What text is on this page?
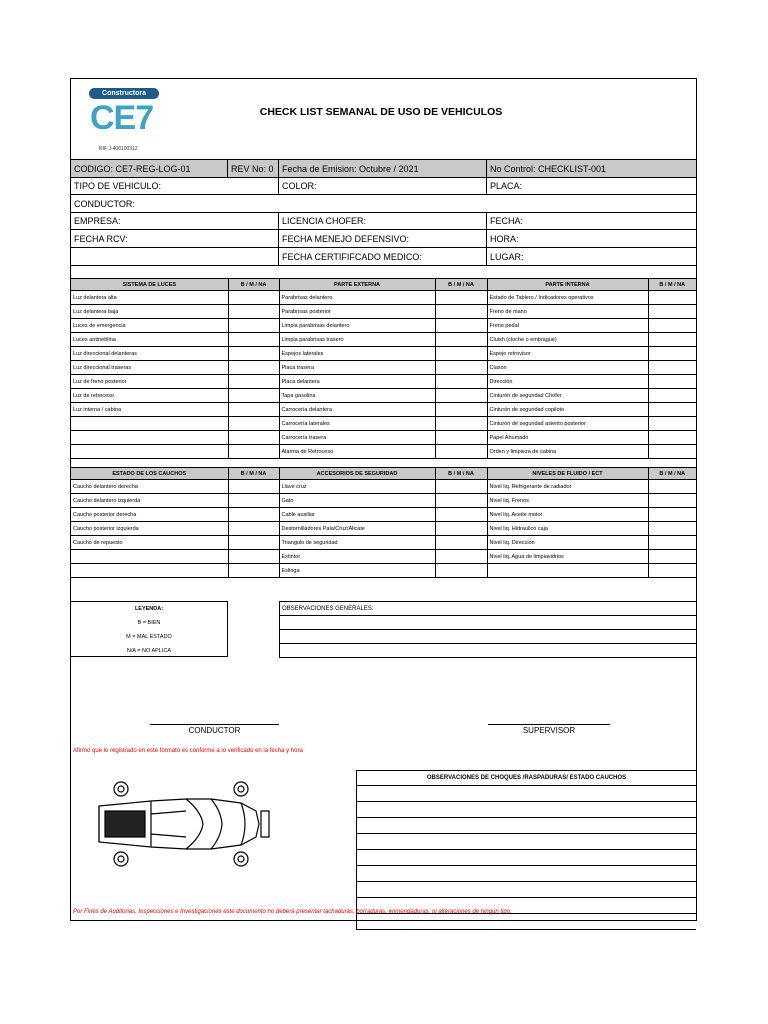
Constructora
CE7
RIF J-408100312
CHECK LIST SEMANAL DE USO DE VEHICULOS
CODIGO: CE7-REG-LOG-01	REV No: 0 Fecha de Emision: Octubre / 2021	No Control: CHECKLIST-001
TIPO DE VEHICULO:	COLOR:	PLACA:
CONDUCTOR:
EMPRESA:	LICENCIA CHOFER:	FECHA:
FECHA RCV:	FECHA MENEJO DEFENSIVO:	HORA:
FECHA CERTIFIFCADO MEDICO:	LUGAR:
SISTEMA DE LUCES	B / M / NA	PARTE EXTERNA	B / M / NA	PARTE INTERNA	B / M / NA
Luz delantera alta		Parabrisas delantero		Estado de Tablero / Indicadores operativos	
Luz delantera baja		Parabrisas posterior		Freno de mano	
Luces de emergencia		Limpia parabrisas delantero		Freno pedal	
Luces antineblina		Limpia parabrisas trasero		Cluish (cloche o embrague)	
Luz direccional delanteras		Espejos laterales		Espejo retrovisor	
Luz direccional traseras		Placa trasera		Claxon	
Luz de freno posterior		Placa delantera		Dirección	
Luz de retroceso		Tapa gasolina		Cinturón de seguridad Chofer	
Luz interna / cabina		Carrocería delantera		Cinturón de seguridad copiloto	
		Carrocería laterales		Cinturón de seguridad asiento posterior	
		Carrocería trasera		Papel Ahumado	
		Alarma de Retroceso		Orden y limpieza de cabina	
ESTADO DE LOS CAUCHOS	B / M / NA	ACCESORIOS DE SEGURIDAD	B / M / NA	NIVELES DE FLUIDO / ECT	B / M / NA
Caucho delantero derecha		Llave cruz		Nivel liq. Refrigerante de radiador	
Caucho delantero izquierda		Gato		Nivel liq. Frenos	
Caucho posterior derecha		Cable auxiliar		Nivel liq. Aceite motor	
Caucho posterior izquierda		Destornilladores Pala/Cruz/Alicate		Nivel liq. Hidraulico caja	
Caucho de repuesto		Triangulo de seguridad		Nivel liq. Direccion	
		Extintor		Nivel liq. Agua de limpiavidrios	
		Eslinga			
LEYENDA:
B = BIEN
M = MAL ESTADO
N/A = NO APLICA
OBSERVACIONES GENERALES:

CONDUCTOR	SUPERVISOR
Afirmo que lo registrado en este formato es conforme a lo verificado en la fecha y hora
OBSERVACIONES DE CHOQUES /RASPADURAS/ ESTADO CAUCHOS

Por Fines de Auditorias, Inspecciones e Investigaciones este documento no deberá presentar tachaduras, borraduras, enmendaduras, ni alteraciones de ningún tipo.
